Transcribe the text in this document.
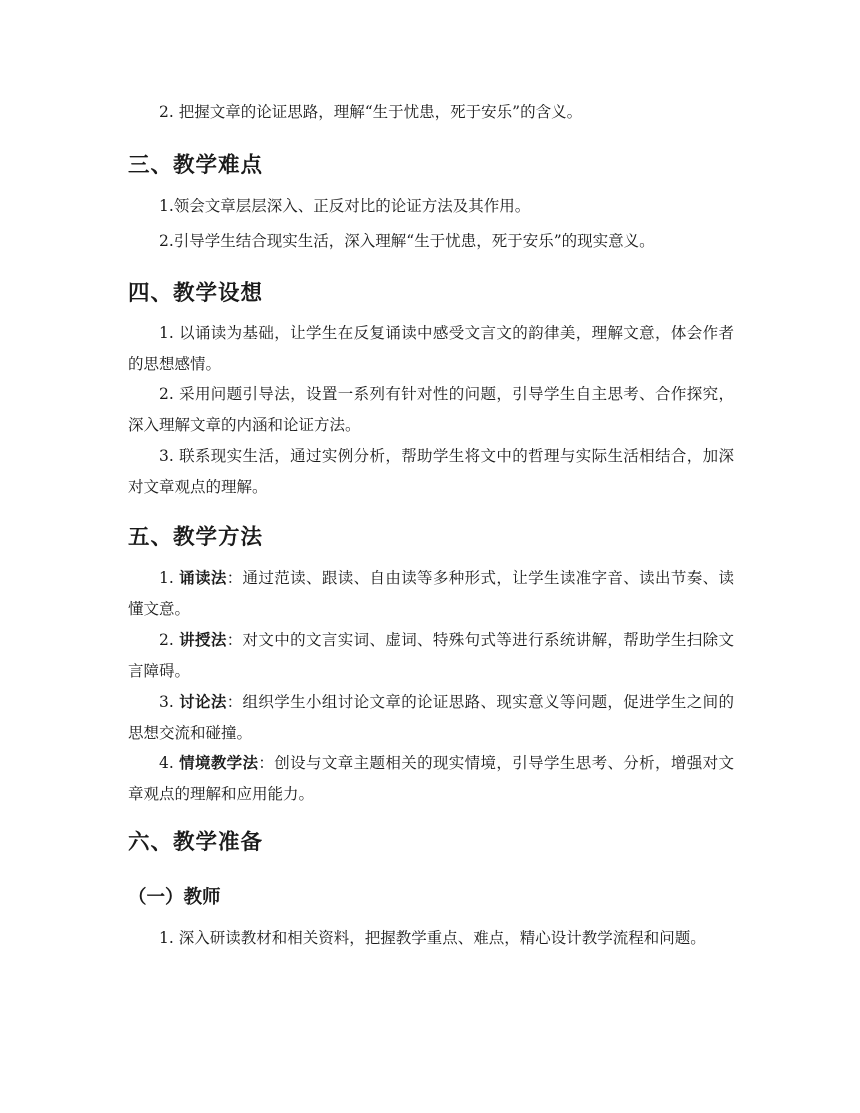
2. 把握文章的论证思路，理解“生于忧患，死于安乐”的含义。

三、教学难点

1.领会文章层层深入、正反对比的论证方法及其作用。

2.引导学生结合现实生活，深入理解“生于忧患，死于安乐”的现实意义。

四、教学设想

1. 以诵读为基础，让学生在反复诵读中感受文言文的韵律美，理解文意，体会作者的思想感情。

2. 采用问题引导法，设置一系列有针对性的问题，引导学生自主思考、合作探究，深入理解文章的内涵和论证方法。

3. 联系现实生活，通过实例分析，帮助学生将文中的哲理与实际生活相结合，加深对文章观点的理解。

五、教学方法

1. 诵读法：通过范读、跟读、自由读等多种形式，让学生读准字音、读出节奏、读懂文意。

2. 讲授法：对文中的文言实词、虚词、特殊句式等进行系统讲解，帮助学生扫除文言障碍。

3. 讨论法：组织学生小组讨论文章的论证思路、现实意义等问题，促进学生之间的思想交流和碰撞。

4. 情境教学法：创设与文章主题相关的现实情境，引导学生思考、分析，增强对文章观点的理解和应用能力。

六、教学准备
（一）教师

1. 深入研读教材和相关资料，把握教学重点、难点，精心设计教学流程和问题。
